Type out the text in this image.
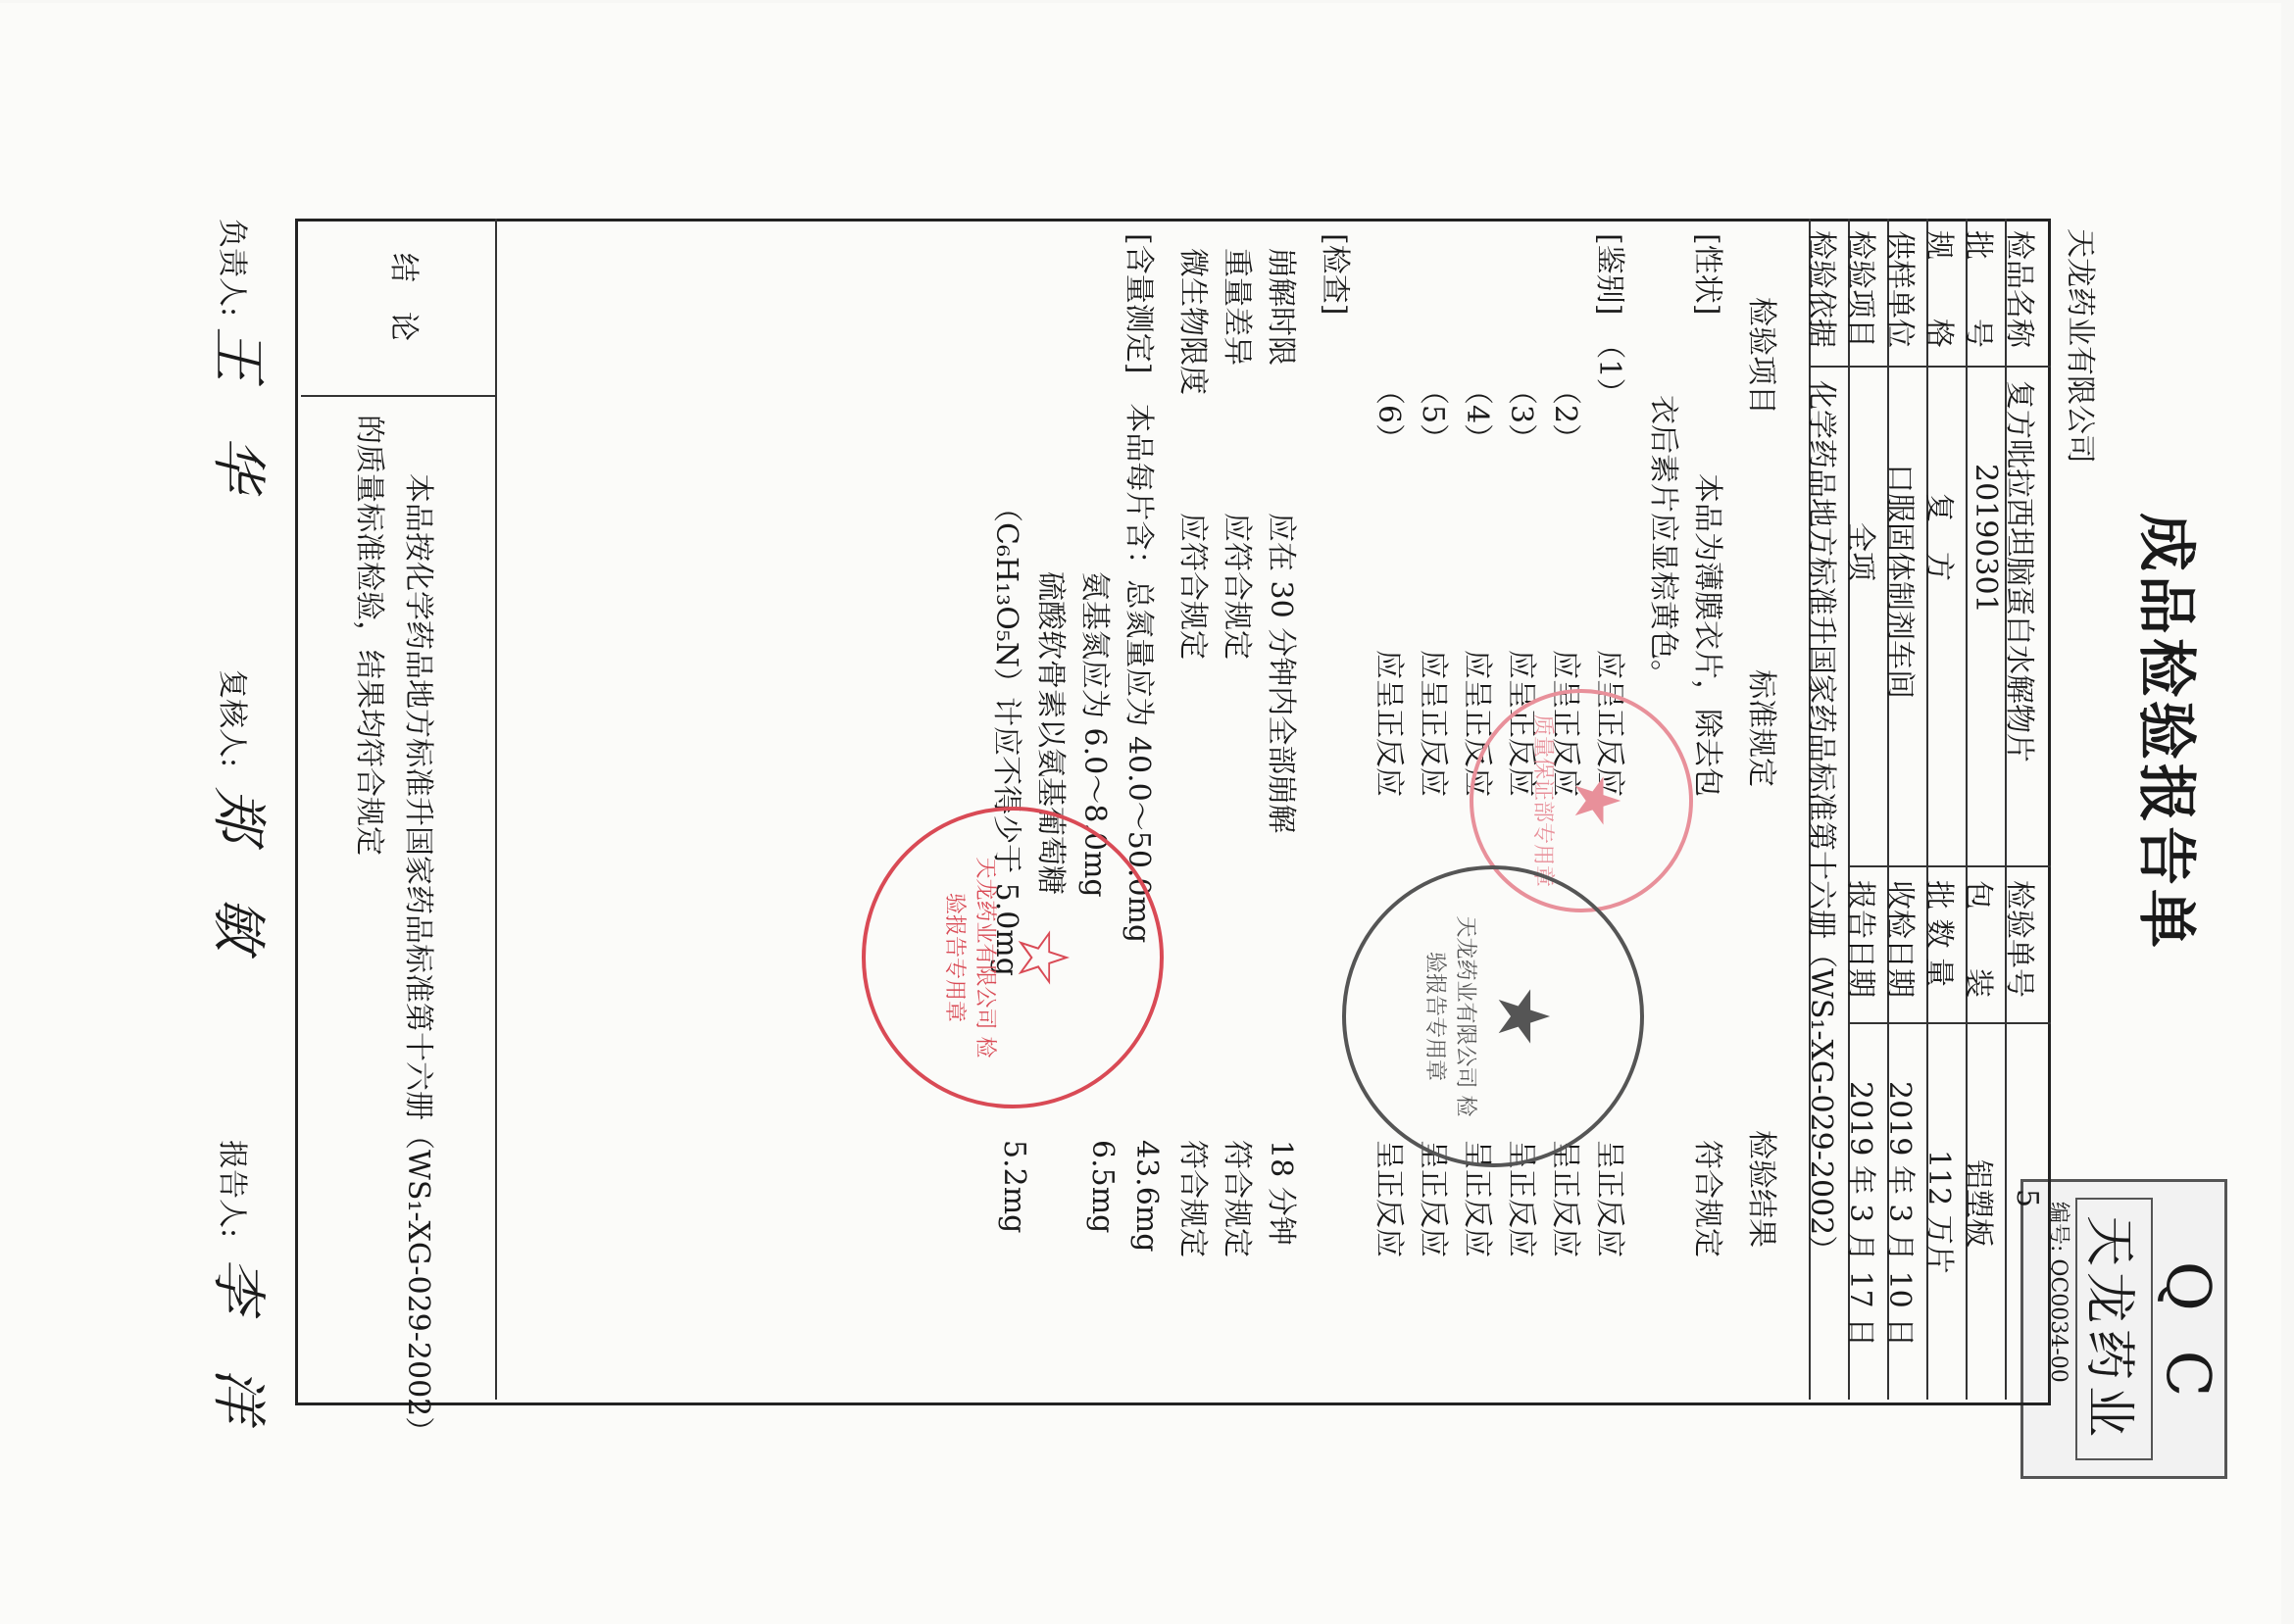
成品检验报告单
天龙药业有限公司
QC
天龙药业
编号: QC0034-00
检品名称
复方吡拉西坦脑蛋白水解物片
检验单号
5
批　　号
20190301
包　　装
铝塑板
规　　格
复　方
批 数 量
112 万片
供样单位
口服固体制剂车间
收检日期
2019 年 3 月 10 日
检验项目
全项
报告日期
2019 年 3 月 17 日
检验依据
化学药品地方标准升国家药品标准第十六册（WS₁-XG-029-2002）
检验项目
标准规定
检验结果
[性状]
本品为薄膜衣片，除去包
符合规定
衣后素片应显棕黄色。
[鉴别]　（1）
应呈正反应
呈正反应
（2）
应呈正反应
呈正反应
（3）
应呈正反应
呈正反应
（4）
应呈正反应
呈正反应
（5）
应呈正反应
呈正反应
（6）
应呈正反应
呈正反应
[检查]
崩解时限
应在 30 分钟内全部崩解
18 分钟
重量差异
应符合规定
符合规定
微生物限度
应符合规定
符合规定
[含量测定]　本品每片含：总氮量应为 40.0～50.0mg
43.6mg
氨基氮应为 6.0～8.0mg
6.5mg
硫酸软骨素以氨基葡萄糖
（C₆H₁₃O₅N）计应不得少于 5.0mg
5.2mg
结　论
本品按化学药品地方标准升国家药品标准第十六册（WS₁-XG-029-2002）
的质量标准检验，结果均符合规定
负责人:
王　华
复核人:
郑　敏
报告人:
李　洋
★
质量保证部专用章
★
天龙药业有限公司 检验报告专用章
☆
天龙药业有限公司 检验报告专用章
